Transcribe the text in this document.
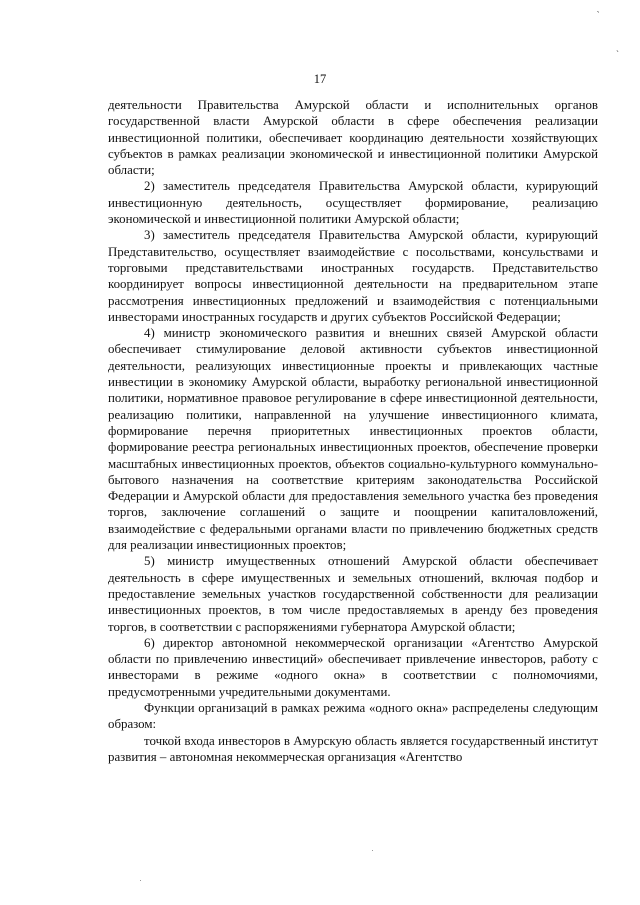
‵
ˎ
17

деятельности Правительства Амурской области и исполнительных органов государственной власти Амурской области в сфере обеспечения реализации инвестиционной политики, обеспечивает координацию деятельности хозяйствующих субъектов в рамках реализации экономической и инвестиционной политики Амурской области;

2) заместитель председателя Правительства Амурской области, курирующий инвестиционную деятельность, осуществляет формирование, реализацию экономической и инвестиционной политики Амурской области;

3) заместитель председателя Правительства Амурской области, курирующий Представительство, осуществляет взаимодействие с посольствами, консульствами и торговыми представительствами иностранных государств. Представительство координирует вопросы инвестиционной деятельности на предварительном этапе рассмотрения инвестиционных предложений и взаимодействия с потенциальными инвесторами иностранных государств и других субъектов Российской Федерации;

4) министр экономического развития и внешних связей Амурской области обеспечивает стимулирование деловой активности субъектов инвестиционной деятельности, реализующих инвестиционные проекты и привлекающих частные инвестиции в экономику Амурской области, выработку региональной инвестиционной политики, нормативное правовое регулирование в сфере инвестиционной деятельности, реализацию политики, направленной на улучшение инвестиционного климата, формирование перечня приоритетных инвестиционных проектов области, формирование реестра региональных инвестиционных проектов, обеспечение проверки масштабных инвестиционных проектов, объектов социально-культурного коммунально-бытового назначения на соответствие критериям законодательства Российской Федерации и Амурской области для предоставления земельного участка без проведения торгов, заключение соглашений о защите и поощрении капиталовложений, взаимодействие с федеральными органами власти по привлечению бюджетных средств для реализации инвестиционных проектов;

5) министр имущественных отношений Амурской области обеспечивает деятельность в сфере имущественных и земельных отношений, включая подбор и предоставление земельных участков государственной собственности для реализации инвестиционных проектов, в том числе предоставляемых в аренду без проведения торгов, в соответствии с распоряжениями губернатора Амурской области;

6) директор автономной некоммерческой организации «Агентство Амурской области по привлечению инвестиций» обеспечивает привлечение инвесторов, работу с инвесторами в режиме «одного окна» в соответствии с полномочиями, предусмотренными учредительными документами.

Функции организаций в рамках режима «одного окна» распределены следующим образом:

точкой входа инвесторов в Амурскую область является государственный институт развития – автономная некоммерческая организация «Агентство
